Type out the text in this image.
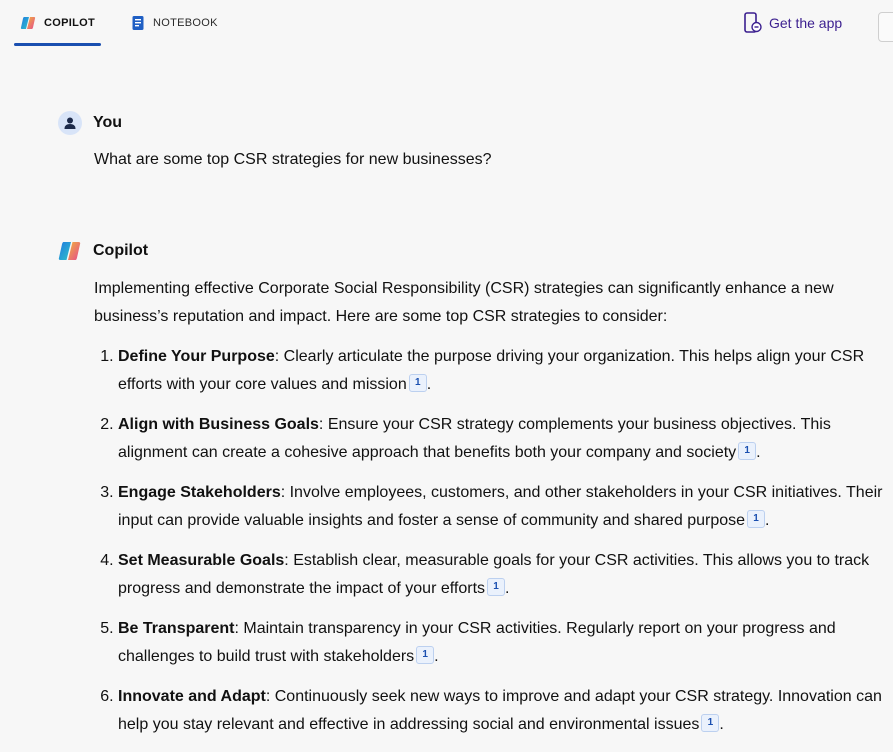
COPILOT	NOTEBOOK	Get the app
You
What are some top CSR strategies for new businesses?
Copilot

Implementing effective Corporate Social Responsibility (CSR) strategies can significantly enhance a new business’s reputation and impact. Here are some top CSR strategies to consider:

1. Define Your Purpose: Clearly articulate the purpose driving your organization. This helps align your CSR efforts with your core values and mission 1 .
2. Align with Business Goals: Ensure your CSR strategy complements your business objectives. This alignment can create a cohesive approach that benefits both your company and society 1 .
3. Engage Stakeholders: Involve employees, customers, and other stakeholders in your CSR initiatives. Their input can provide valuable insights and foster a sense of community and shared purpose 1 .
4. Set Measurable Goals: Establish clear, measurable goals for your CSR activities. This allows you to track progress and demonstrate the impact of your efforts 1 .
5. Be Transparent: Maintain transparency in your CSR activities. Regularly report on your progress and challenges to build trust with stakeholders 1 .
6. Innovate and Adapt: Continuously seek new ways to improve and adapt your CSR strategy. Innovation can help you stay relevant and effective in addressing social and environmental issues 1 .
